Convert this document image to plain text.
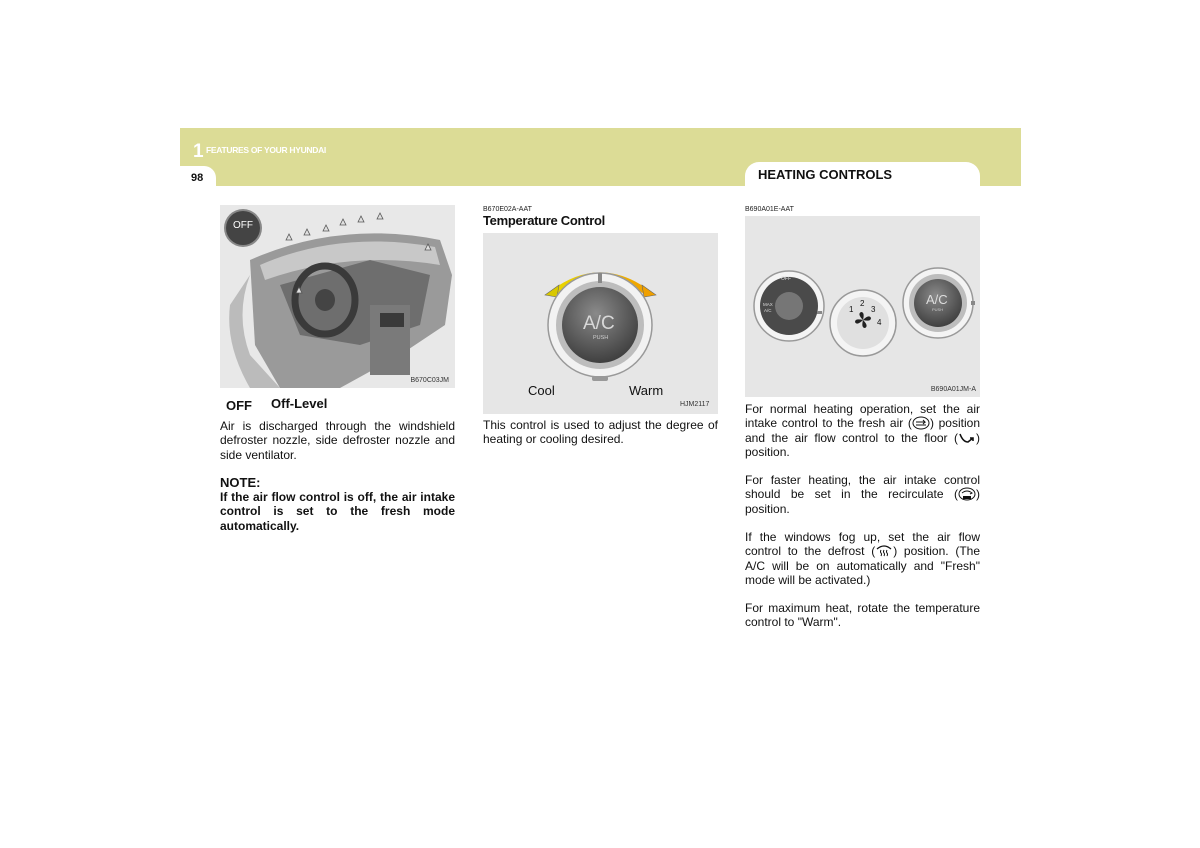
1 FEATURES OF YOUR HYUNDAI
98	HEATING CONTROLS
OFF
B670C03JM
OFF Off-Level

Air is discharged through the windshield defroster nozzle, side defroster nozzle and side ventilator.

NOTE:

If the air flow control is off, the air intake control is set to the fresh mode automatically.

B670E02A-AAT
Temperature Control
A/C
PUSH
Cool	Warm
HJM2117

This control is used to adjust the degree of heating or cooling desired.

B690A01E-AAT
OFF
MAX
A/C	1
2
3
4
A/C
PUSH
B690A01JM-A

For normal heating operation, set the air intake control to the fresh air ( ) position and the air flow control to the floor ( ) position.

For faster heating, the air intake control should be set in the recirculate ( ) position.

If the windows fog up, set the air flow control to the defrost ( ) position. (The A/C will be on automatically and "Fresh" mode will be activated.)

For maximum heat, rotate the temperature control to "Warm".
